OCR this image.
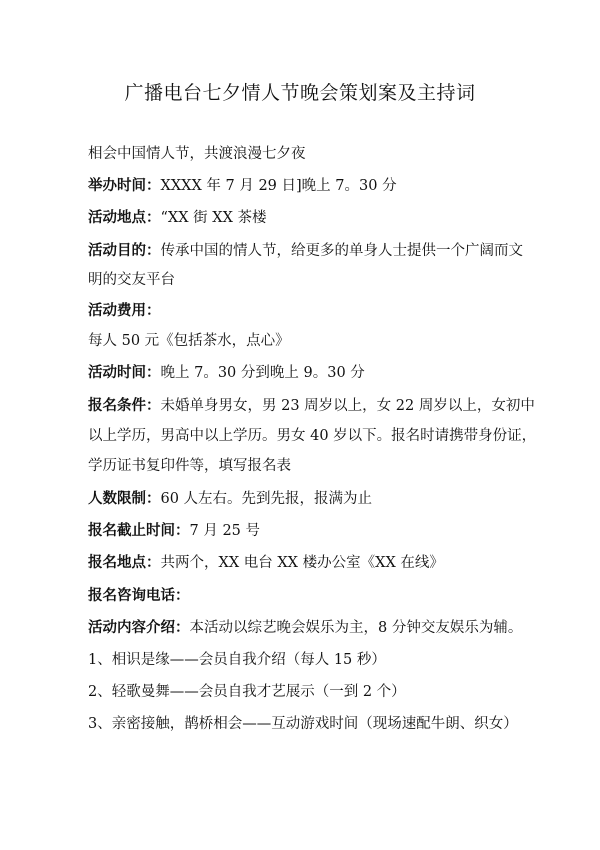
广播电台七夕情人节晚会策划案及主持词

相会中国情人节，共渡浪漫七夕夜

举办时间：XXXX 年 7 月 29 日]晚上 7。30 分

活动地点：“XX 街 XX 茶楼

活动目的：传承中国的情人节，给更多的单身人士提供一个广阔而文

明的交友平台

活动费用：

每人 50 元《包括茶水，点心》

活动时间：晚上 7。30 分到晚上 9。30 分

报名条件：未婚单身男女，男 23 周岁以上，女 22 周岁以上，女初中

以上学历，男高中以上学历。男女 40 岁以下。报名时请携带身份证，

学历证书复印件等，填写报名表

人数限制：60 人左右。先到先报，报满为止

报名截止时间：7 月 25 号

报名地点：共两个，XX 电台 XX 楼办公室《XX 在线》

报名咨询电话：

活动内容介绍：本活动以综艺晚会娱乐为主，8 分钟交友娱乐为辅。

1、相识是缘——会员自我介绍（每人 15 秒）

2、轻歌曼舞——会员自我才艺展示（一到 2 个）

3、亲密接触，鹊桥相会——互动游戏时间（现场速配牛朗、织女）
